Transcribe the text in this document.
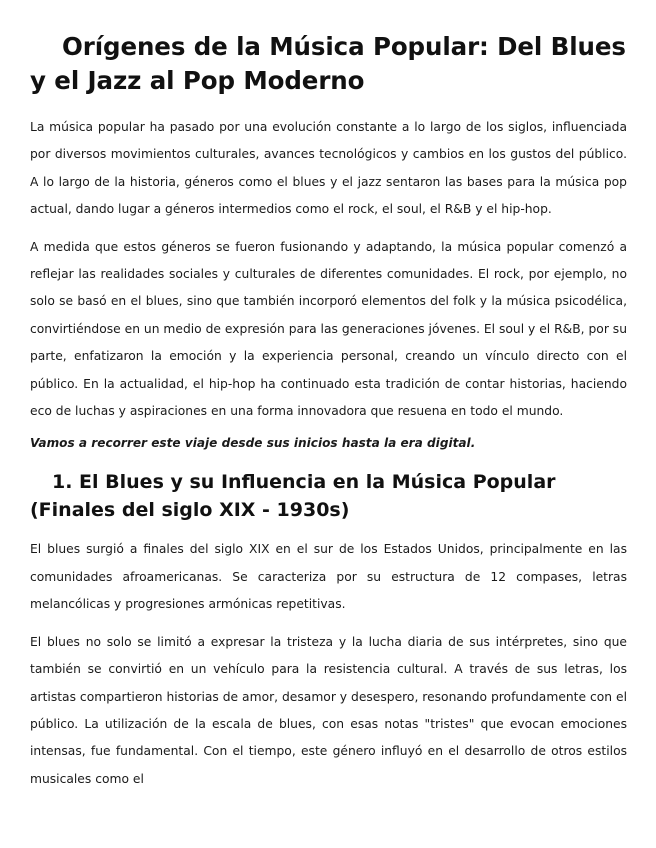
Orígenes de la Música Popular: Del Blues y el Jazz al Pop Moderno

La música popular ha pasado por una evolución constante a lo largo de los siglos, influenciada por diversos movimientos culturales, avances tecnológicos y cambios en los gustos del público. A lo largo de la historia, géneros como el blues y el jazz sentaron las bases para la música pop actual, dando lugar a géneros intermedios como el rock, el soul, el R&B y el hip-hop.

A medida que estos géneros se fueron fusionando y adaptando, la música popular comenzó a reflejar las realidades sociales y culturales de diferentes comunidades. El rock, por ejemplo, no solo se basó en el blues, sino que también incorporó elementos del folk y la música psicodélica, convirtiéndose en un medio de expresión para las generaciones jóvenes. El soul y el R&B, por su parte, enfatizaron la emoción y la experiencia personal, creando un vínculo directo con el público. En la actualidad, el hip-hop ha continuado esta tradición de contar historias, haciendo eco de luchas y aspiraciones en una forma innovadora que resuena en todo el mundo.

Vamos a recorrer este viaje desde sus inicios hasta la era digital.

1. El Blues y su Influencia en la Música Popular (Finales del siglo XIX - 1930s)

El blues surgió a finales del siglo XIX en el sur de los Estados Unidos, principalmente en las comunidades afroamericanas. Se caracteriza por su estructura de 12 compases, letras melancólicas y progresiones armónicas repetitivas.

El blues no solo se limitó a expresar la tristeza y la lucha diaria de sus intérpretes, sino que también se convirtió en un vehículo para la resistencia cultural. A través de sus letras, los artistas compartieron historias de amor, desamor y desespero, resonando profundamente con el público. La utilización de la escala de blues, con esas notas "tristes" que evocan emociones intensas, fue fundamental. Con el tiempo, este género influyó en el desarrollo de otros estilos musicales como el
